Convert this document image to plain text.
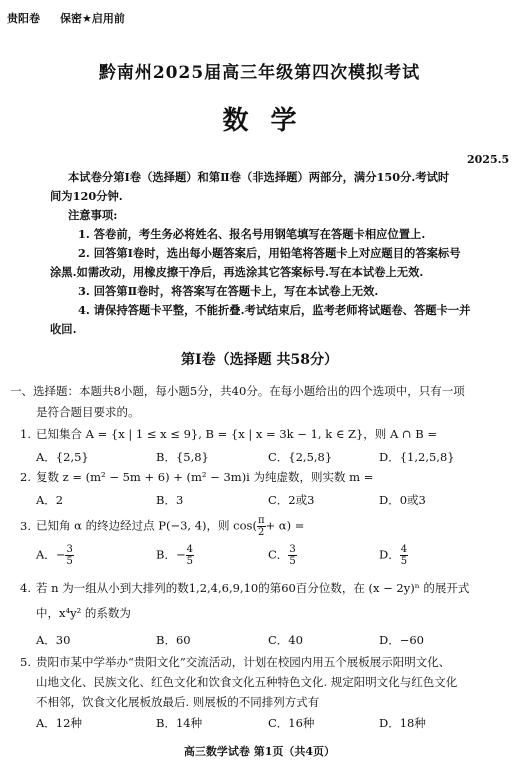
贵阳卷 保密★启用前
黔南州2025届高三年级第四次模拟考试
数学
2025.5
本试卷分第Ⅰ卷（选择题）和第Ⅱ卷（非选择题）两部分，满分150分.考试时
间为120分钟.
注意事项:
1. 答卷前，考生务必将姓名、报名号用钢笔填写在答题卡相应位置上.
2. 回答第Ⅰ卷时，选出每小题答案后，用铅笔将答题卡上对应题目的答案标号
涂黑.如需改动，用橡皮擦干净后，再选涂其它答案标号.写在本试卷上无效.
3. 回答第Ⅱ卷时，将答案写在答题卡上，写在本试卷上无效.
4. 请保持答题卡平整，不能折叠.考试结束后，监考老师将试题卷、答题卡一并
收回.
第Ⅰ卷（选择题 共58分）
一、选择题：本题共8小题，每小题5分，共40分。在每小题给出的四个选项中，只有一项
是符合题目要求的。
1. 已知集合 A = {x | 1 ≤ x ≤ 9}, B = {x | x = 3k − 1, k ∈ Z}，则 A ∩ B =
A．{2,5}	B．{5,8}	C．{2,5,8}	D．{1,2,5,8}
2. 复数 z = (m² − 5m + 6) + (m² − 3m)i 为纯虚数，则实数 m =
A．2	B．3	C．2或3	D．0或3
3. 已知角 α 的终边经过点 P(−3, 4)，则 $\cos( \frac{\pi}{2} + \alpha)$ =
A．− $\frac{3}{5}$	B．− $\frac{4}{5}$	C． $\frac{3}{5}$	D． $\frac{4}{5}$
4. 若 n 为一组从小到大排列的数1,2,4,6,9,10的第60百分位数，在 (x − 2y)ⁿ 的展开式
中，x⁴y² 的系数为
A．30	B．60	C．40	D．−60
5. 贵阳市某中学举办“贵阳文化”交流活动，计划在校园内用五个展板展示阳明文化、
山地文化、民族文化、红色文化和饮食文化五种特色文化. 规定阳明文化与红色文化
不相邻，饮食文化展板放最后. 则展板的不同排列方式有
A．12种	B．14种	C．16种	D．18种
高三数学试卷 第1页（共4页）
